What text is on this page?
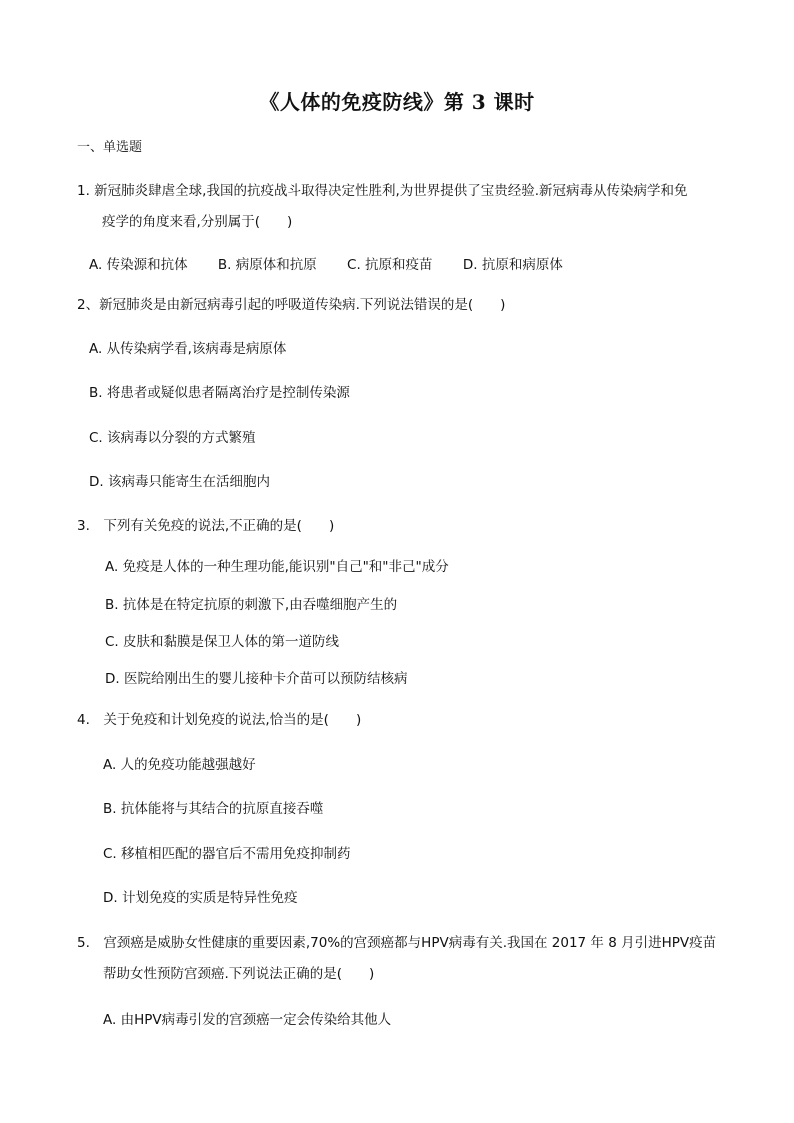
《人体的免疫防线》第 3 课时
一、单选题
1. 新冠肺炎肆虐全球,我国的抗疫战斗取得决定性胜利,为世界提供了宝贵经验.新冠病毒从传染病学和免
疫学的角度来看,分别属于(　　)
A. 传染源和抗体 B. 病原体和抗原 C. 抗原和疫苗 D. 抗原和病原体
2、新冠肺炎是由新冠病毒引起的呼吸道传染病.下列说法错误的是(　　)
A. 从传染病学看,该病毒是病原体
B. 将患者或疑似患者隔离治疗是控制传染源
C. 该病毒以分裂的方式繁殖
D. 该病毒只能寄生在活细胞内
3.　下列有关免疫的说法,不正确的是(　　)
A. 免疫是人体的一种生理功能,能识别"自己"和"非己"成分
B. 抗体是在特定抗原的刺激下,由吞噬细胞产生的
C. 皮肤和黏膜是保卫人体的第一道防线
D. 医院给刚出生的婴儿接种卡介苗可以预防结核病
4.　关于免疫和计划免疫的说法,恰当的是(　　)
A. 人的免疫功能越强越好
B. 抗体能将与其结合的抗原直接吞噬
C. 移植相匹配的器官后不需用免疫抑制药
D. 计划免疫的实质是特异性免疫
5.　宫颈癌是威胁女性健康的重要因素,70%的宫颈癌都与HPV病毒有关.我国在 2017 年 8 月引进HPV疫苗
帮助女性预防宫颈癌.下列说法正确的是(　　)
A. 由HPV病毒引发的宫颈癌一定会传染给其他人
